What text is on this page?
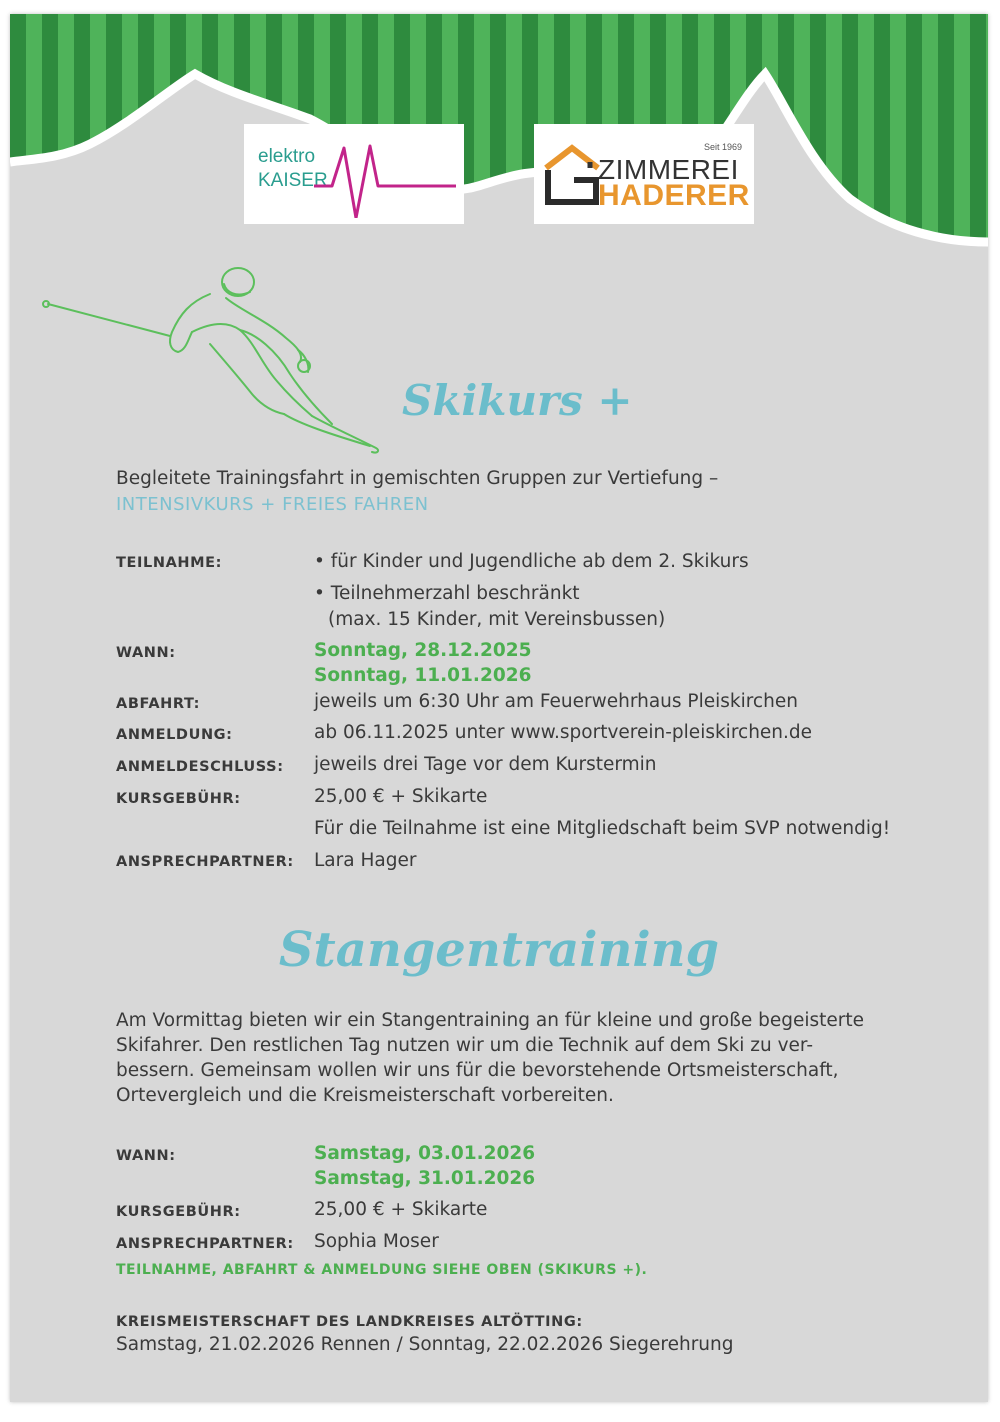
elektro
KAISER
Seit 1969
ZIMMEREI
HADERER
Skikurs +
Begleitete Trainingsfahrt in gemischten Gruppen zur Vertiefung –
INTENSIVKURS + FREIES FAHREN
TEILNAHME:	• für Kinder und Jugendliche ab dem 2. Skikurs
• Teilnehmerzahl beschränkt
(max. 15 Kinder, mit Vereinsbussen)
WANN:	Sonntag, 28.12.2025
Sonntag, 11.01.2026
ABFAHRT:	jeweils um 6:30 Uhr am Feuerwehrhaus Pleiskirchen
ANMELDUNG:	ab 06.11.2025 unter www.sportverein-pleiskirchen.de
ANMELDESCHLUSS: jeweils drei Tage vor dem Kurstermin
KURSGEBÜHR:	25,00 € + Skikarte
Für die Teilnahme ist eine Mitgliedschaft beim SVP notwendig!
ANSPRECHPARTNER: Lara Hager
Stangentraining
Am Vormittag bieten wir ein Stangentraining an für kleine und große begeisterte
Skifahrer. Den restlichen Tag nutzen wir um die Technik auf dem Ski zu ver-
bessern. Gemeinsam wollen wir uns für die bevorstehende Ortsmeisterschaft,
Ortevergleich und die Kreismeisterschaft vorbereiten.
WANN:	Samstag, 03.01.2026
Samstag, 31.01.2026
KURSGEBÜHR:	25,00 € + Skikarte
ANSPRECHPARTNER: Sophia Moser
TEILNAHME, ABFAHRT & ANMELDUNG SIEHE OBEN (SKIKURS +).
KREISMEISTERSCHAFT DES LANDKREISES ALTÖTTING:
Samstag, 21.02.2026 Rennen / Sonntag, 22.02.2026 Siegerehrung
